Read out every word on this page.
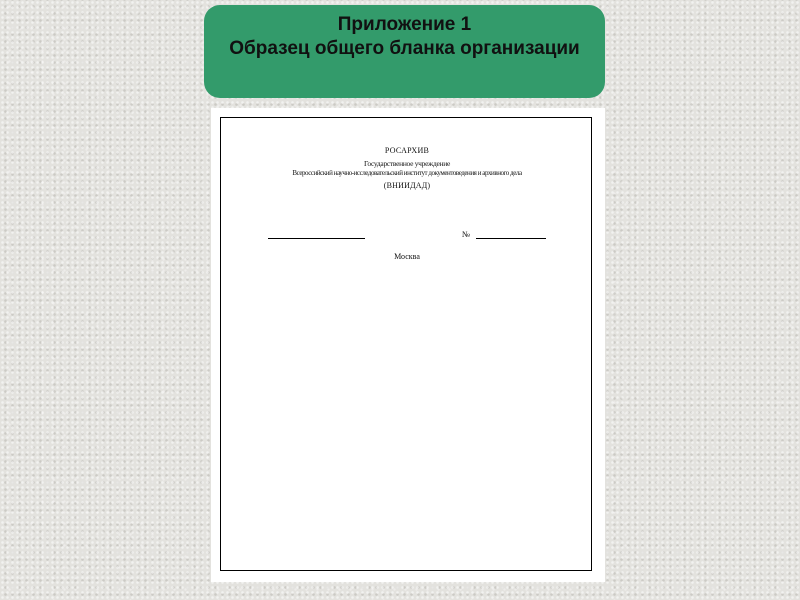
Приложение 1
Образец общего бланка организации
РОСАРХИВ
Государственное учреждение
Всероссийский научно-исследовательский институт документоведения и архивного дела
(ВНИИДАД)
№
Москва
